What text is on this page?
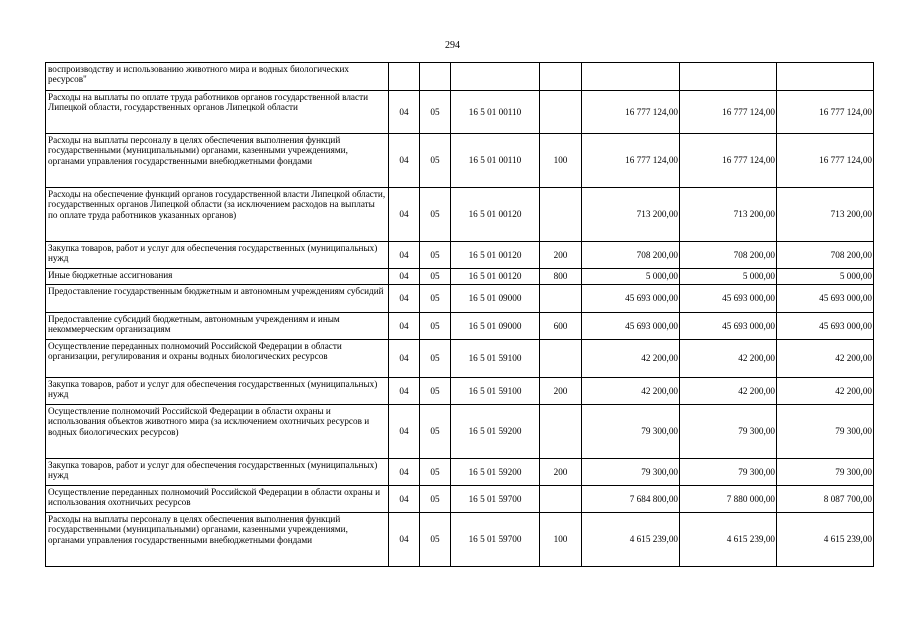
294
воспроизводству и использованию животного мира и водных биологических ресурсов"							
Расходы на выплаты по оплате труда работников органов государственной власти Липецкой области, государственных органов Липецкой области	04	05	16 5 01 00110		16 777 124,00	16 777 124,00	16 777 124,00
Расходы на выплаты персоналу в целях обеспечения выполнения функций государственными (муниципальными) органами, казенными учреждениями, органами управления государственными внебюджетными фондами	04	05	16 5 01 00110	100	16 777 124,00	16 777 124,00	16 777 124,00
Расходы на обеспечение функций органов государственной власти Липецкой области, государственных органов Липецкой области (за исключением расходов на выплаты по оплате труда работников указанных органов)	04	05	16 5 01 00120		713 200,00	713 200,00	713 200,00
Закупка товаров, работ и услуг для обеспечения государственных (муниципальных) нужд	04	05	16 5 01 00120	200	708 200,00	708 200,00	708 200,00
Иные бюджетные ассигнования	04	05	16 5 01 00120	800	5 000,00	5 000,00	5 000,00
Предоставление государственным бюджетным и автономным учреждениям субсидий	04	05	16 5 01 09000		45 693 000,00	45 693 000,00	45 693 000,00
Предоставление субсидий бюджетным, автономным учреждениям и иным некоммерческим организациям	04	05	16 5 01 09000	600	45 693 000,00	45 693 000,00	45 693 000,00
Осуществление переданных полномочий Российской Федерации в области организации, регулирования и охраны водных биологических ресурсов	04	05	16 5 01 59100		42 200,00	42 200,00	42 200,00
Закупка товаров, работ и услуг для обеспечения государственных (муниципальных) нужд	04	05	16 5 01 59100	200	42 200,00	42 200,00	42 200,00
Осуществление полномочий Российской Федерации в области охраны и использования объектов животного мира (за исключением охотничьих ресурсов и водных биологических ресурсов)	04	05	16 5 01 59200		79 300,00	79 300,00	79 300,00
Закупка товаров, работ и услуг для обеспечения государственных (муниципальных) нужд	04	05	16 5 01 59200	200	79 300,00	79 300,00	79 300,00
Осуществление переданных полномочий Российской Федерации в области охраны и использования охотничьих ресурсов	04	05	16 5 01 59700		7 684 800,00	7 880 000,00	8 087 700,00
Расходы на выплаты персоналу в целях обеспечения выполнения функций государственными (муниципальными) органами, казенными учреждениями, органами управления государственными внебюджетными фондами	04	05	16 5 01 59700	100	4 615 239,00	4 615 239,00	4 615 239,00
